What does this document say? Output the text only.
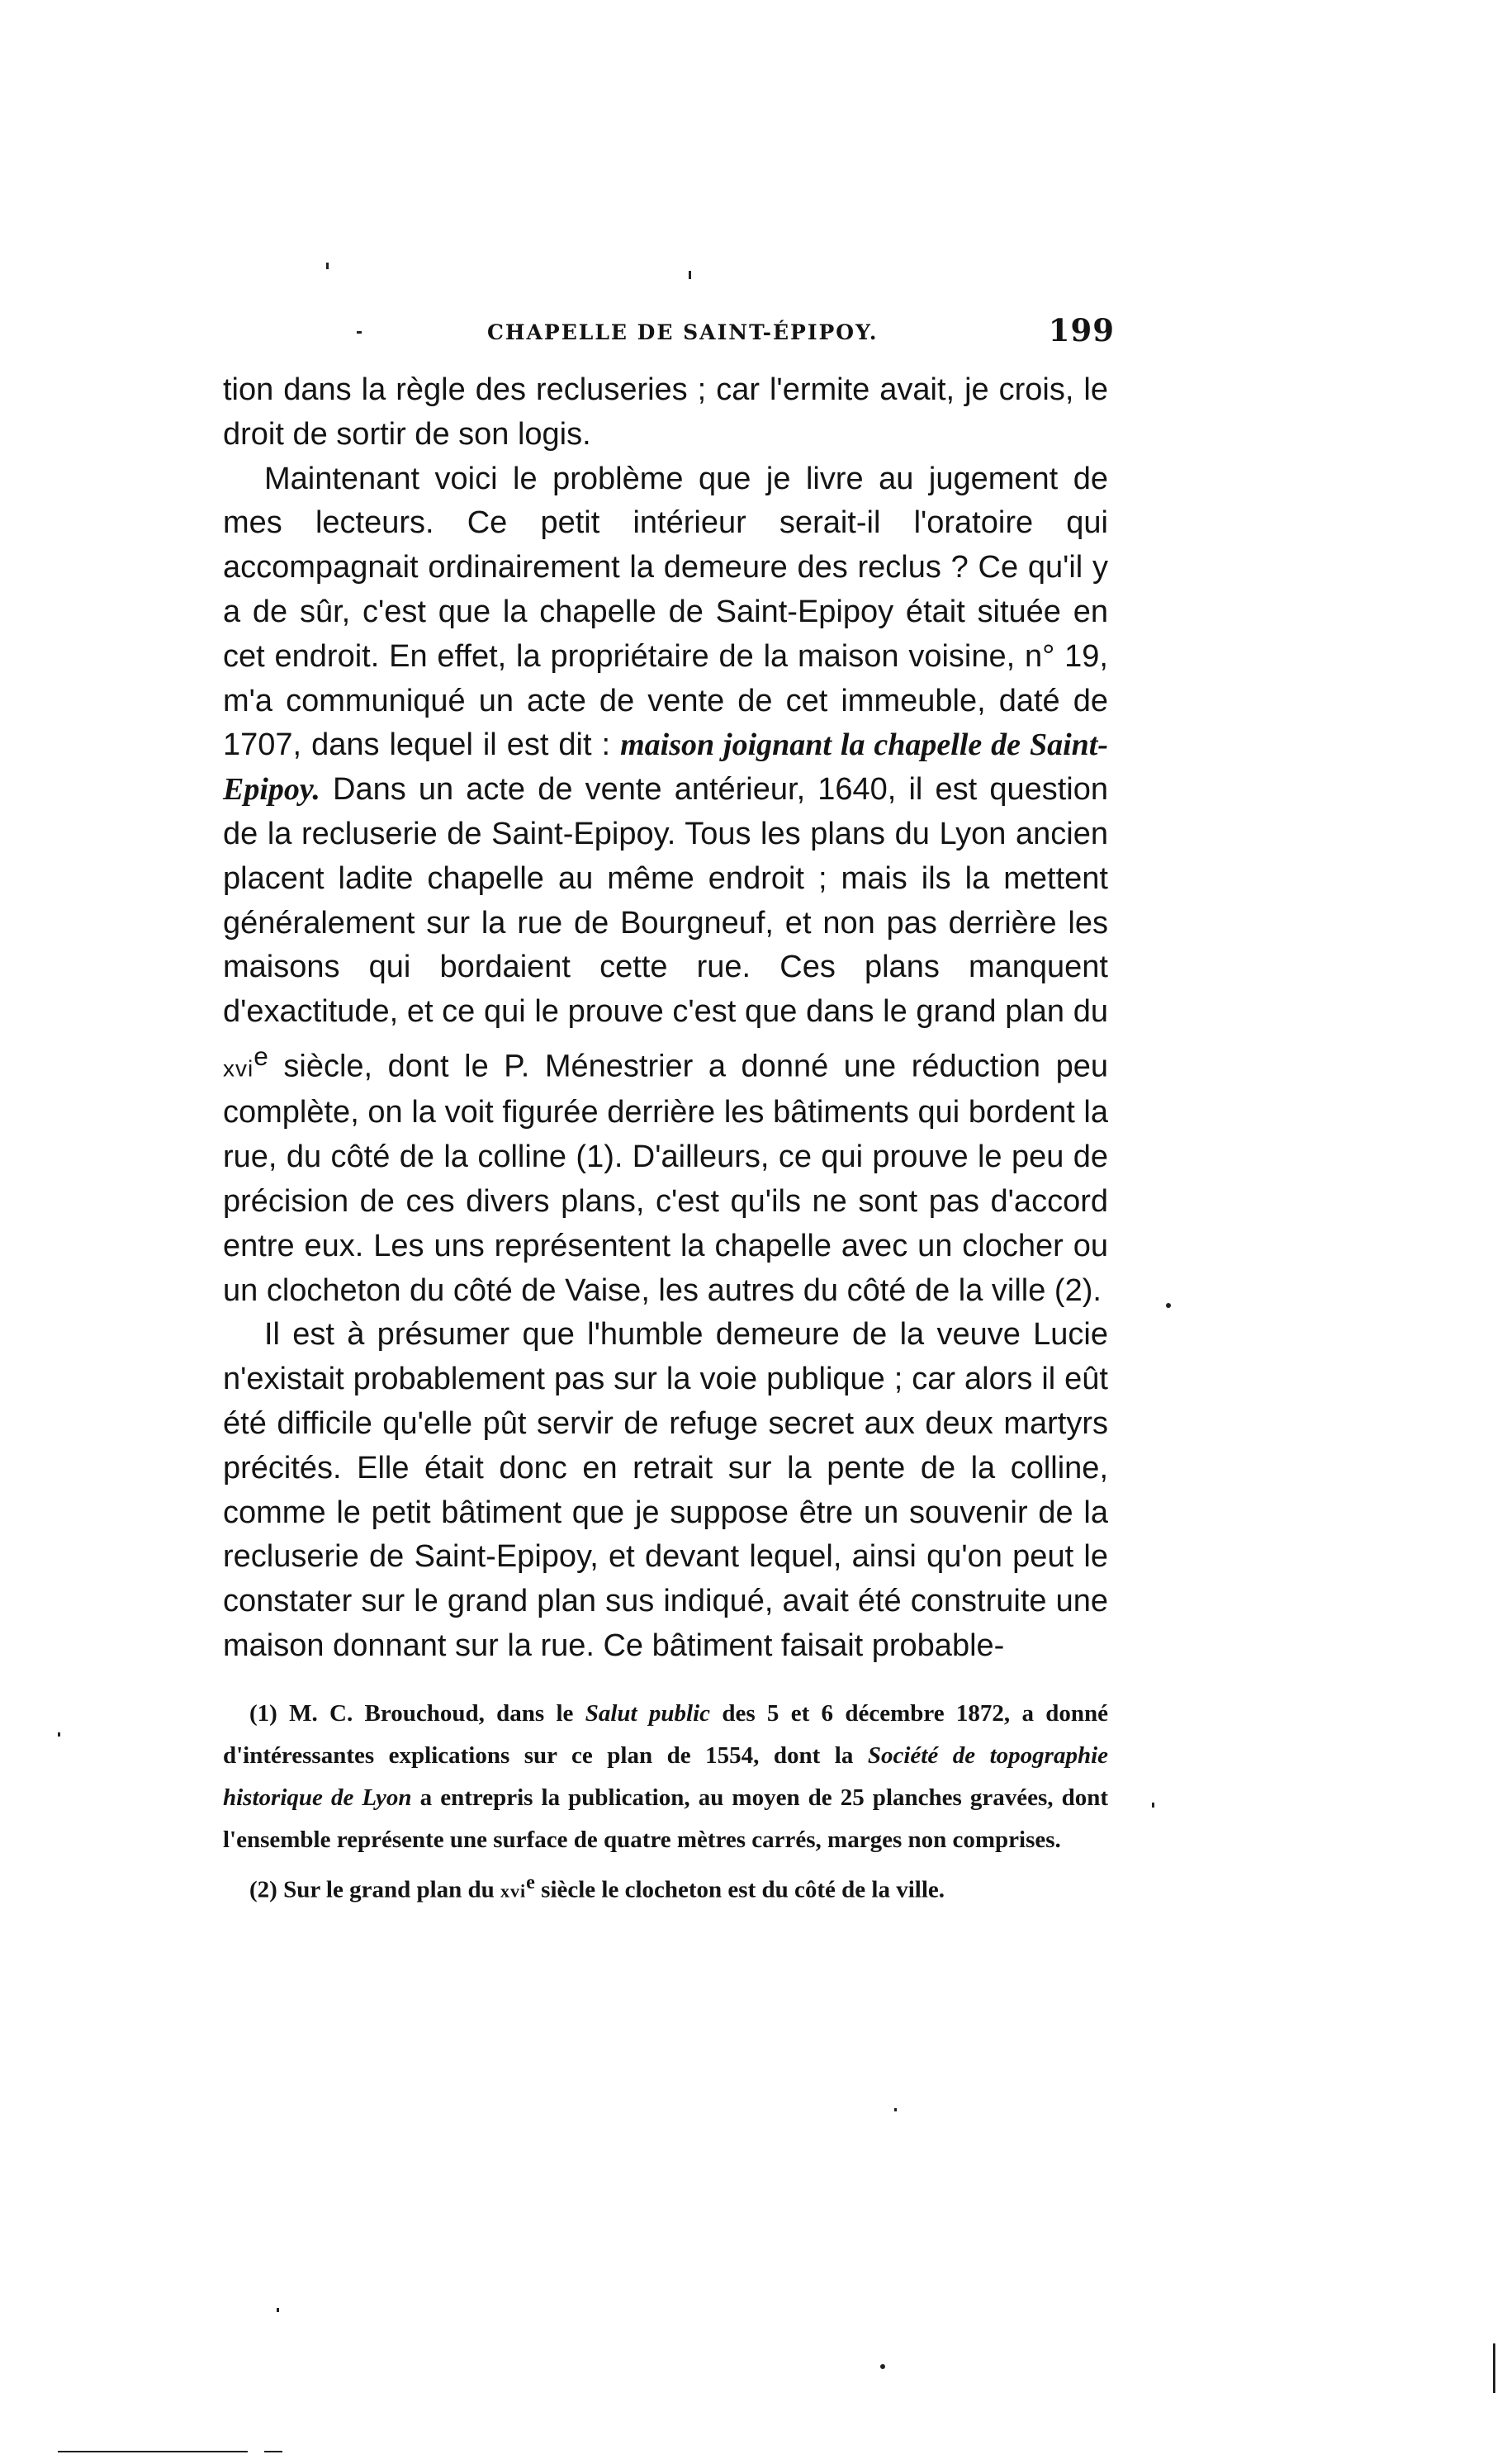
CHAPELLE DE SAINT-ÉPIPOY.	199

tion dans la règle des recluseries ; car l'ermite avait, je crois, le droit de sortir de son logis.

Maintenant voici le problème que je livre au jugement de mes lecteurs. Ce petit intérieur serait-il l'oratoire qui accompagnait ordinairement la demeure des reclus ? Ce qu'il y a de sûr, c'est que la chapelle de Saint-Epipoy était située en cet endroit. En effet, la propriétaire de la maison voisine, n° 19, m'a communiqué un acte de vente de cet immeuble, daté de 1707, dans lequel il est dit : maison joignant la chapelle de Saint-Epipoy. Dans un acte de vente antérieur, 1640, il est question de la recluserie de Saint-Epipoy. Tous les plans du Lyon ancien placent ladite chapelle au même endroit ; mais ils la mettent généralement sur la rue de Bourgneuf, et non pas derrière les maisons qui bordaient cette rue. Ces plans manquent d'exactitude, et ce qui le prouve c'est que dans le grand plan du xvi$^e$ siècle, dont le P. Ménestrier a donné une réduction peu complète, on la voit figurée derrière les bâtiments qui bordent la rue, du côté de la colline (1). D'ailleurs, ce qui prouve le peu de précision de ces divers plans, c'est qu'ils ne sont pas d'accord entre eux. Les uns représentent la chapelle avec un clocher ou un clocheton du côté de Vaise, les autres du côté de la ville (2).

Il est à présumer que l'humble demeure de la veuve Lucie n'existait probablement pas sur la voie publique ; car alors il eût été difficile qu'elle pût servir de refuge secret aux deux martyrs précités. Elle était donc en retrait sur la pente de la colline, comme le petit bâtiment que je suppose être un souvenir de la recluserie de Saint-Epipoy, et devant lequel, ainsi qu'on peut le constater sur le grand plan sus indiqué, avait été construite une maison donnant sur la rue. Ce bâtiment faisait probable-

(1) M. C. Brouchoud, dans le Salut public des 5 et 6 décembre 1872, a donné d'intéressantes explications sur ce plan de 1554, dont la Société de topographie historique de Lyon a entrepris la publication, au moyen de 25 planches gravées, dont l'ensemble représente une surface de quatre mètres carrés, marges non comprises.

(2) Sur le grand plan du xvi$^e$ siècle le clocheton est du côté de la ville.
